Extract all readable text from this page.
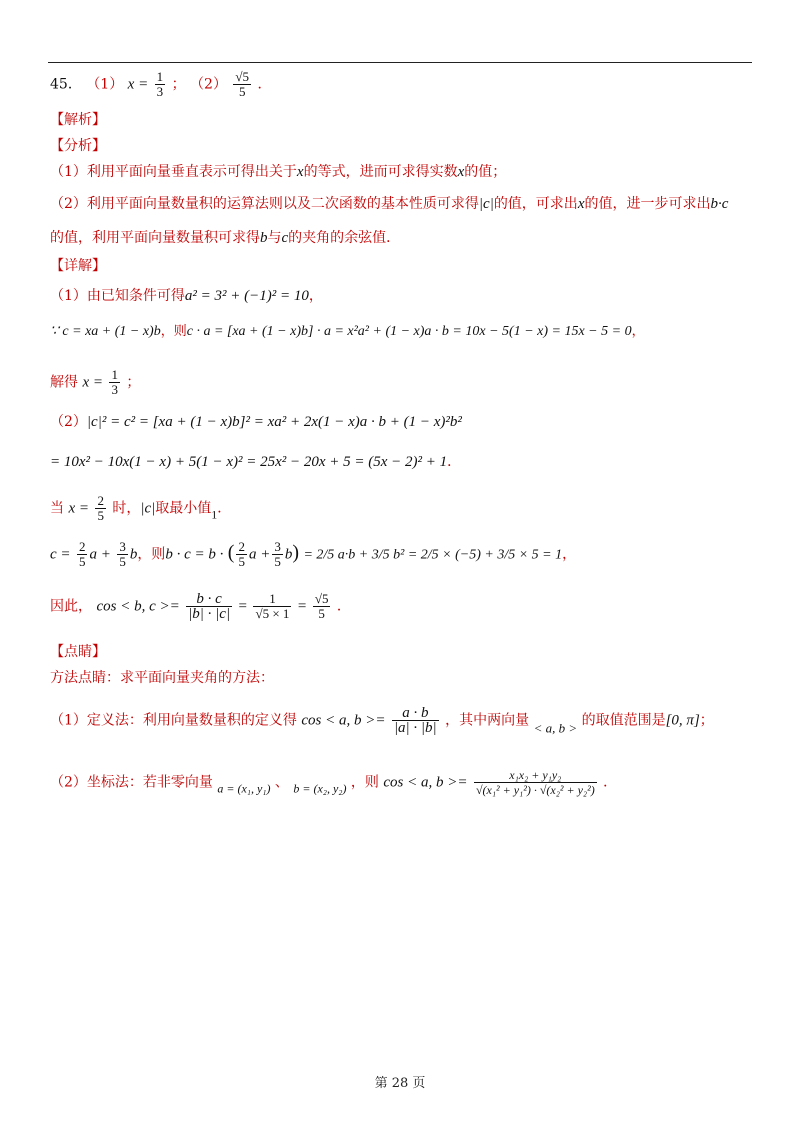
45． （1） $x = \frac{1}{3}$ ； $(2) \frac{√5}{5}$ ．
【解析】
【分析】
（1）利用平面向量垂直表示可得出关于x的等式，进而可求得实数x的值；
（2）利用平面向量数量积的运算法则以及二次函数的基本性质可求得|c|的值，可求出x的值，进一步可求出b·c
的值，利用平面向量数量积可求得b与c的夹角的余弦值．
【详解】
（1）由已知条件可得a² = 3² + (−1)² = 10，
∵ c = xa + (1 − x)b，则c · a = [xa + (1 − x)b] · a = x²a² + (1 − x)a · b = 10x − 5(1 − x) = 15x − 5 = 0，
解得 $x = \frac{1}{3}$ ；
（2）|c|² = c² = [xa + (1 − x)b]² = xa² + 2x(1 − x)a · b + (1 − x)²b²
= 10x² − 10x(1 − x) + 5(1 − x)² = 25x² − 20x + 5 = (5x − 2)² + 1．
当 $x = \frac{2}{5}$ 时，|c|取最小值1．
$c = \frac{2}{5}$ $a + \frac{3}{5}$ b，则b · c = b · ( $\frac{2}{5}$ $a + \frac{3}{5} b) = 2/5$ a·b + 3/5 b² = 2/5 × (−5) + 3/5 × 5 = 1，
因此， cos < b, $c >= \frac{b \cdot c}{|b| \cdot |c|} = \frac{1}{√5 \times 1} = \frac{√5}{5}$ ．
【点睛】
方法点睛：求平面向量夹角的方法：
（1）定义法：利用向量数量积的定义得 cos < a, $b >= \frac{a \cdot b}{|a| \cdot |b|}$ ，其中两向量 < a, b > 的取值范围是[0, π]；
（2）坐标法：若非零向量 a = (x₁, y₁) 、 b = (x₂, y₂) ，则 cos < a, $b >= \frac{\text{x₁x₂ + y₁y₂}}{\text{√(x₁² + y₁²) · √(x₂² + y₂²)}}$ ．
第 28 页
